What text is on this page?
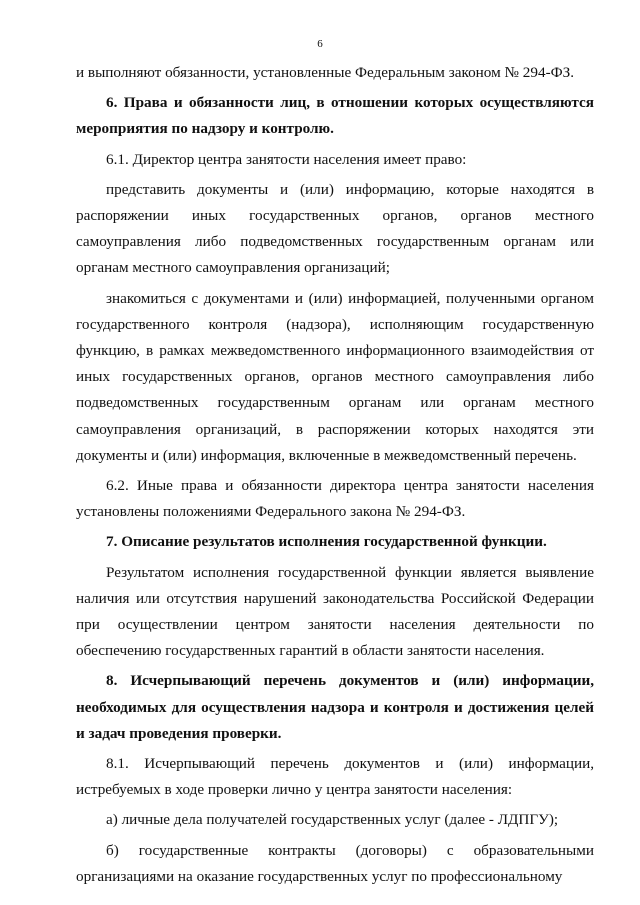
6

и выполняют обязанности, установленные Федеральным законом № 294-ФЗ.

6. Права и обязанности лиц, в отношении которых осуществляются мероприятия по надзору и контролю.

6.1. Директор центра занятости населения имеет право:

представить документы и (или) информацию, которые находятся в распоряжении иных государственных органов, органов местного самоуправления либо подведомственных государственным органам или органам местного самоуправления организаций;

знакомиться с документами и (или) информацией, полученными органом государственного контроля (надзора), исполняющим государственную функцию, в рамках межведомственного информационного взаимодействия от иных государственных органов, органов местного самоуправления либо подведомственных государственным органам или органам местного самоуправления организаций, в распоряжении которых находятся эти документы и (или) информация, включенные в межведомственный перечень.

6.2. Иные права и обязанности директора центра занятости населения установлены положениями Федерального закона № 294-ФЗ.

7. Описание результатов исполнения государственной функции.

Результатом исполнения государственной функции является выявление наличия или отсутствия нарушений законодательства Российской Федерации при осуществлении центром занятости населения деятельности по обеспечению государственных гарантий в области занятости населения.

8. Исчерпывающий перечень документов и (или) информации, необходимых для осуществления надзора и контроля и достижения целей и задач проведения проверки.

8.1. Исчерпывающий перечень документов и (или) информации, истребуемых в ходе проверки лично у центра занятости населения:

а) личные дела получателей государственных услуг (далее - ЛДПГУ);

б) государственные контракты (договоры) с образовательными организациями на оказание государственных услуг по профессиональному
